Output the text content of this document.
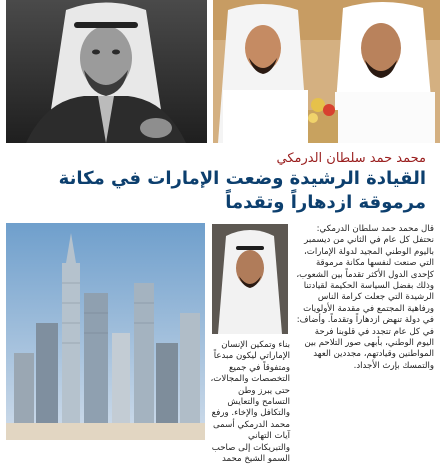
محمد حمد سلطان الدرمكي
القيادة الرشيدة وضعت الإمارات في مكانة
مرموقة ازدهاراً وتقدماً
قال محمد حمد سلطان الدرمكي: نحتفل كل عام في الثاني من ديسمبر باليوم الوطني المجيد لدولة الإمارات، التي صنعت لنفسها مكانة مرموقة كإحدى الدول الأكثر تقدماً بين الشعوب، وذلك بفضل السياسة الحكيمة لقيادتنا الرشيدة التي جعلت كرامة الناس ورفاهية المجتمع في مقدمة الأولويات في دولة تنهض ازدهاراً وتقدماً. وأضاف: في كل عام تتجدد في قلوبنا فرحة اليوم الوطني، بأبهى صور التلاحم بين المواطنين وقيادتهم، مجددين العهد والتمسك بإرث الأجداد.
بناء وتمكين الإنسان الإماراتي ليكون مبدعاً ومتفوقاً في جميع التخصصات والمجالات، حتى يبرز وطن التسامح والتعايش والتكافل والإخاء. ورفع محمد الدرمكي أسمى آيات التهاني والتبريكات إلى صاحب السمو الشيخ محمد
